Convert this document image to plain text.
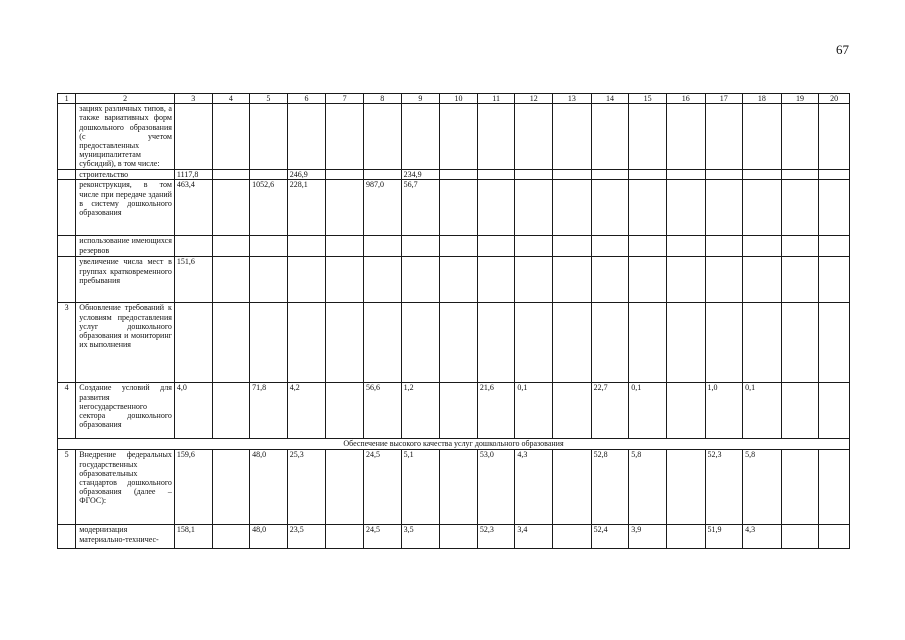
67
1	2	3	4	5	6	7	8	9	10	11	12	13	14	15	16	17	18	19	20
	зациях различных типов, а также вариативных форм дошкольного образования (с учетом предоставленных муниципалитетам субсидий), в том числе:																		
	строительство	1117,8			246,9			234,9											
	реконструкция, в том числе при передаче зданий в систему дошкольного образования	463,4		1052,6	228,1		987,0	56,7											
	использование имеющихся резервов																		
	увеличение числа мест в группах кратковременного пребывания	151,6																	
3	Обновление требований к условиям предоставления услуг дошкольного образования и мониторинг их выполнения																		
4	Создание условий для развития негосударственного сектора дошкольного образования	4,0		71,8	4,2		56,6	1,2		21,6	0,1		22,7	0,1		1,0	0,1		
Обеспечение высокого качества услуг дошкольного образования																			
5	Внедрение федеральных государственных образовательных стандартов дошкольного образования (далее – ФГОС):	159,6		48,0	25,3		24,5	5,1		53,0	4,3		52,8	5,8		52,3	5,8		
	модернизация материально-техничес-	158,1		48,0	23,5		24,5	3,5		52,3	3,4		52,4	3,9		51,9	4,3		
